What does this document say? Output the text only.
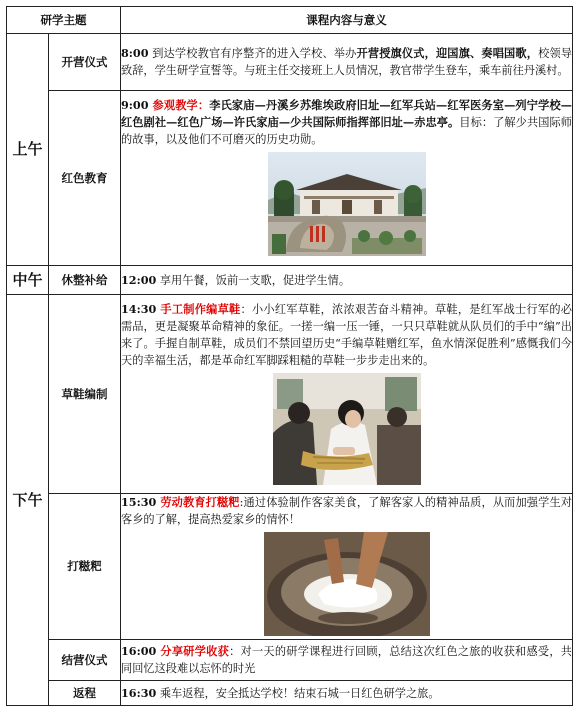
研学主题		课程内容与意义
上午	开营仪式	8:00 到达学校教官有序整齐的进入学校、举办开营授旗仪式，迎国旗、奏唱国歌，校领导致辞，学生研学宣誓等。与班主任交接班上人员情况，教官带学生登车，乘车前往丹溪村。
	红色教育	9:00 参观教学：李氏家庙—丹溪乡苏维埃政府旧址—红军兵站—红军医务室—列宁学校—红色剧社—红色广场—许氏家庙—少共国际师指挥部旧址—赤忠亭。目标：了解少共国际师的故事，以及他们不可磨灭的历史功勋。

中午	休整补给	12:00 享用午餐，饭前一支歌，促进学生情。
下午	草鞋编制	14:30 手工制作编草鞋：小小红军草鞋，浓浓艰苦奋斗精神。草鞋，是红军战士行军的必需品，更是凝聚革命精神的象征。一搓一编一压一锤，一只只草鞋就从队员们的手中“编”出来了。手握自制草鞋，成员们不禁回望历史“手编草鞋赠红军，鱼水情深促胜利”感慨我们今天的幸福生活，都是革命红军脚踩粗糙的草鞋一步步走出来的。

	打糍粑	15:30 劳动教育打糍粑:通过体验制作客家美食，了解客家人的精神品质，从而加强学生对客乡的了解，提高热爱家乡的情怀！

	结营仪式	16:00 分享研学收获：对一天的研学课程进行回顾，总结这次红色之旅的收获和感受，共同回忆这段难以忘怀的时光
	返程	16:30 乘车返程，安全抵达学校！结束石城一日红色研学之旅。
